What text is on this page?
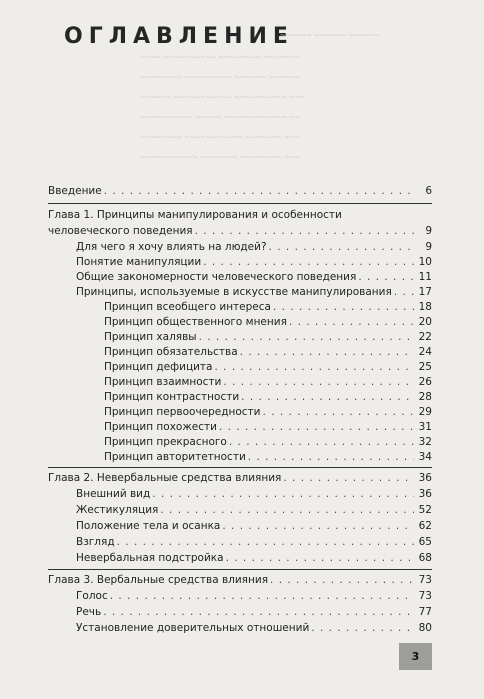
ОГЛАВЛЕНИЕ
~~~~~~ ~~~~~~ ~~~~~~
~~~~ ~~~~~~~~~~ ~~~~~~~~ ~~~~~~~
~~~~~~~~ ~~~~~~~~~ ~~~~~~ ~~~~~~
~~~~~~ ~~~~~~~~~~~ ~~~~~~~~~~ ~~~
~~~~~~~~~~ ~~~~~ ~~~~~~~~~~~~ ~~
~~~~~~~~ ~~~~~~~~~~~ ~~~~~~~ ~~~
~~~~~~~~~~~ ~~~~~~~ ~~~~~~~~ ~~~
Введение . . .	6
Глава 1. Принципы манипулирования и особенности
человеческого поведения . . .	9
Для чего я хочу влиять на людей? . . .	9
Понятие манипуляции . . .	10
Общие закономерности человеческого поведения . . .	11
Принципы, используемые в искусстве манипулирования . . .	17
Принцип всеобщего интереса . . .	18
Принцип общественного мнения . . .	20
Принцип халявы . . .	22
Принцип обязательства . . .	24
Принцип дефицита . . .	25
Принцип взаимности . . .	26
Принцип контрастности . . .	28
Принцип первоочередности . . .	29
Принцип похожести . . .	31
Принцип прекрасного . . .	32
Принцип авторитетности . . .	34
Глава 2. Невербальные средства влияния . . .	36
Внешний вид . . .	36
Жестикуляция . . .	52
Положение тела и осанка . . .	62
Взгляд . . .	65
Невербальная подстройка . . .	68
Глава 3. Вербальные средства влияния . . .	73
Голос . . .	73
Речь . . .	77
Установление доверительных отношений . . .	80
3
